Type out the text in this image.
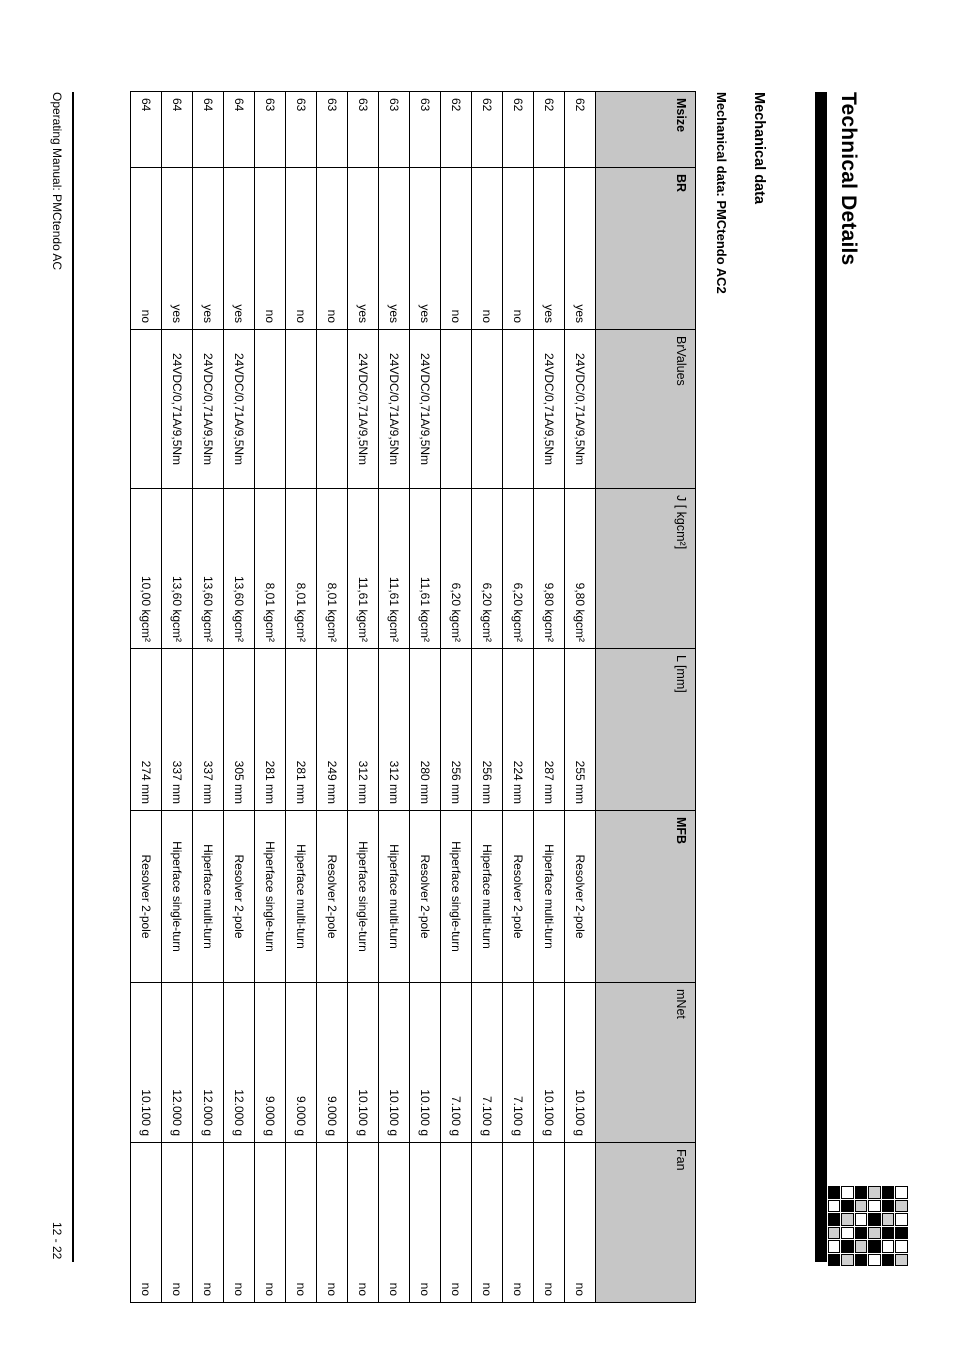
Technical Details
Mechanical data
Mechanical data: PMCtendo AC2
Msize	BR	BrValues	J [ kgcm²]	L [mm]	MFB	mNet	Fan
62	yes	24VDC/0,71A/9,5Nm	9,80 kgcm²	255 mm	Resolver 2-pole	10.100 g	no
62	yes	24VDC/0,71A/9,5Nm	9,80 kgcm²	287 mm	Hiperface multi-turn	10.100 g	no
62	no		6,20 kgcm²	224 mm	Resolver 2-pole	7.100 g	no
62	no		6,20 kgcm²	256 mm	Hiperface multi-turn	7.100 g	no
62	no		6,20 kgcm²	256 mm	Hiperface single-turn	7.100 g	no
63	yes	24VDC/0,71A/9,5Nm	11,61 kgcm²	280 mm	Resolver 2-pole	10.100 g	no
63	yes	24VDC/0,71A/9,5Nm	11,61 kgcm²	312 mm	Hiperface multi-turn	10.100 g	no
63	yes	24VDC/0,71A/9,5Nm	11,61 kgcm²	312 mm	Hiperface single-turn	10.100 g	no
63	no		8,01 kgcm²	249 mm	Resolver 2-pole	9.000 g	no
63	no		8,01 kgcm²	281 mm	Hiperface multi-turn	9.000 g	no
63	no		8,01 kgcm²	281 mm	Hiperface single-turn	9.000 g	no
64	yes	24VDC/0,71A/9,5Nm	13,60 kgcm²	305 mm	Resolver 2-pole	12.000 g	no
64	yes	24VDC/0,71A/9,5Nm	13,60 kgcm²	337 mm	Hiperface multi-turn	12.000 g	no
64	yes	24VDC/0,71A/9,5Nm	13,60 kgcm²	337 mm	Hiperface single-turn	12.000 g	no
64	no		10,00 kgcm²	274 mm	Resolver 2-pole	10.100 g	no
Operating Manual: PMCtendo AC
12 - 22
